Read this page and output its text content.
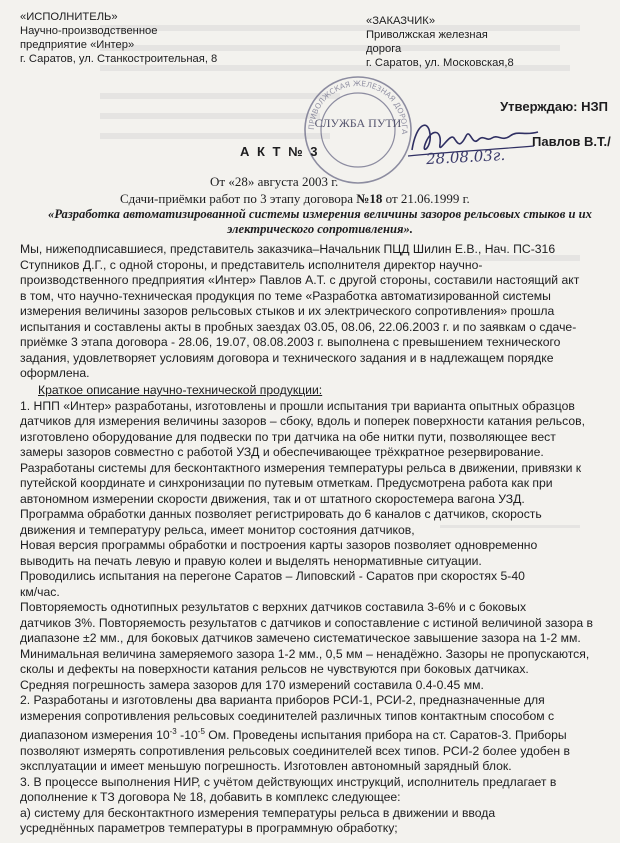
«ИСПОЛНИТЕЛЬ»
Научно-производственное
предприятие «Интер»
г. Саратов, ул. Станкостроительная, 8
«ЗАКАЗЧИК»
Приволжская железная
дорога
г. Саратов, ул. Московская,8
ПРИВОЛЖСКАЯ ЖЕЛЕЗНАЯ ДОРОГА
СЛУЖБА ПУТИ
28.08.03г.
Утверждаю: НЗП
Павлов В.Т./
А К Т № 3
От «28» августа 2003 г.
Сдачи-приёмки работ по 3 этапу договора №18 от 21.06.1999 г.
«Разработка автоматизированной системы измерения величины зазоров рельсовых стыков и их электрического сопротивления».
Мы, нижеподписавшиеся, представитель заказчика–Начальник ПЦД Шилин Е.В., Нач. ПС-316
Ступников Д.Г., с одной стороны, и представитель исполнителя директор научно-
производственного предприятия «Интер» Павлов А.Т. с другой стороны, составили настоящий акт
в том, что научно-техническая продукция по теме «Разработка автоматизированной системы
измерения величины зазоров рельсовых стыков и их электрического сопротивления» прошла
испытания и составлены акты в пробных заездах 03.05, 08.06, 22.06.2003 г. и по заявкам о сдаче-
приёмке 3 этапа договора - 28.06, 19.07, 08.08.2003 г. выполнена с превышением технического
задания, удовлетворяет условиям договора и технического задания и в надлежащем порядке
оформлена.
Краткое описание научно-технической продукции:
1. НПП «Интер» разработаны, изготовлены и прошли испытания три варианта опытных образцов
датчиков для измерения величины зазоров – сбоку, вдоль и поперек поверхности катания рельсов,
изготовлено оборудование для подвески по три датчика на обе нитки пути, позволяющее вест
замеры зазоров совместно с работой УЗД и обеспечивающее трёхкратное резервирование.
Разработаны системы для бесконтактного измерения температуры рельса в движении, привязки к
путейской координате и синхронизации по путевым отметкам. Предусмотрена работа как при
автономном измерении скорости движения, так и от штатного скоростемера вагона УЗД.
Программа обработки данных позволяет регистрировать до 6 каналов с датчиков, скорость
движения и температуру рельса, имеет монитор состояния датчиков,
Новая версия программы обработки и построения карты зазоров позволяет одновременно
выводить на печать левую и правую колеи и выделять ненормативные ситуации.
Проводились испытания на перегоне Саратов – Липовский - Саратов при скоростях 5-40
км/час.
Повторяемость однотипных результатов с верхних датчиков составила 3-6% и с боковых
датчиков 3%. Повторяемость результатов с датчиков и сопоставление с истиной величиной зазора в
диапазоне ±2 мм., для боковых датчиков замечено систематическое завышение зазора на 1-2 мм.
Минимальная величина замеряемого зазора 1-2 мм., 0,5 мм – ненадёжно. Зазоры не пропускаются,
сколы и дефекты на поверхности катания рельсов не чувствуются при боковых датчиках.
Средняя погрешность замера зазоров для 170 измерений составила 0.4-0.45 мм.
2. Разработаны и изготовлены два варианта приборов РСИ-1, РСИ-2, предназначенные для
измерения сопротивления рельсовых соединителей различных типов контактным способом с
диапазоном измерения $10^{-3}$ $-10^{-5}$ Ом. Проведены испытания прибора на ст. Саратов-3. Приборы
позволяют измерять сопротивления рельсовых соединителей всех типов. РСИ-2 более удобен в
эксплуатации и имеет меньшую погрешность. Изготовлен автономный зарядный блок.
3. В процессе выполнения НИР, с учётом действующих инструкций, исполнитель предлагает в
дополнение к ТЗ договора № 18, добавить в комплекс следующее:
а) систему для бесконтактного измерения температуры рельса в движении и ввода
усреднённых параметров температуры в программную обработку;
